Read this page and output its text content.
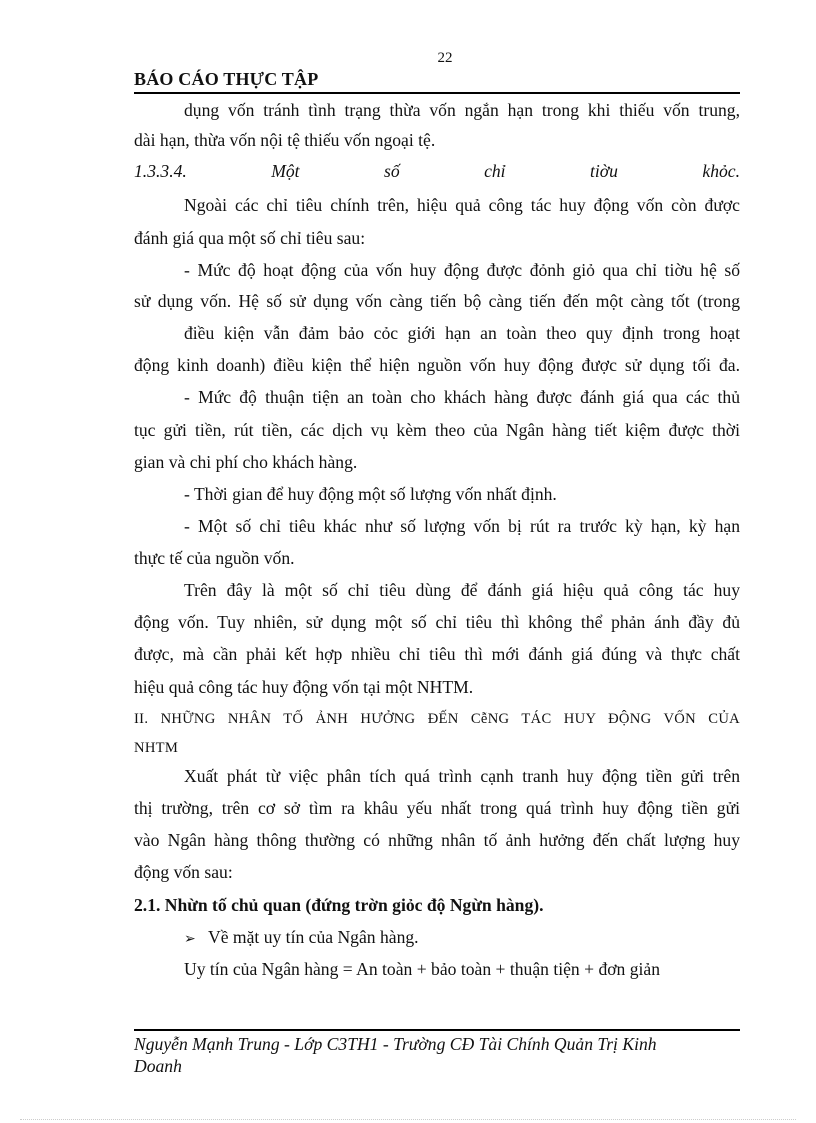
22
BÁO CÁO THỰC TẬP
dụng vốn tránh tình trạng thừa vốn ngắn hạn trong khi thiếu vốn trung,
dài hạn, thừa vốn nội tệ thiếu vốn ngoại tệ.
1.3.3.4. Một số chỉ tiờu khỏc.
Ngoài các chỉ tiêu chính trên, hiệu quả công tác huy động vốn còn được
đánh giá qua một số chỉ tiêu sau:
- Mức độ hoạt động của vốn huy động được đỏnh giỏ qua chỉ tiờu hệ số
sử dụng vốn. Hệ số sử dụng vốn càng tiến bộ càng tiến đến một càng tốt (trong
điều kiện vẫn đảm bảo cỏc giới hạn an toàn theo quy định trong hoạt
động kinh doanh) điều kiện thể hiện nguồn vốn huy động được sử dụng tối đa.
- Mức độ thuận tiện an toàn cho khách hàng được đánh giá qua các thủ
tục gửi tiền, rút tiền, các dịch vụ kèm theo của Ngân hàng tiết kiệm được thời
gian và chi phí cho khách hàng.
- Thời gian để huy động một số lượng vốn nhất định.
- Một số chỉ tiêu khác như số lượng vốn bị rút ra trước kỳ hạn, kỳ hạn
thực tế của nguồn vốn.
Trên đây là một số chỉ tiêu dùng để đánh giá hiệu quả công tác huy
động vốn. Tuy nhiên, sử dụng một số chỉ tiêu thì không thể phản ánh đầy đủ
được, mà cần phải kết hợp nhiều chỉ tiêu thì mới đánh giá đúng và thực chất
hiệu quả công tác huy động vốn tại một NHTM.
II. NHỮNG NHÂN TỐ ẢNH HƯỞNG ĐẾN CễNG TÁC HUY ĐỘNG VỐN CỦA
NHTM
Xuất phát từ việc phân tích quá trình cạnh tranh huy động tiền gửi trên
thị trường, trên cơ sở tìm ra khâu yếu nhất trong quá trình huy động tiền gửi
vào Ngân hàng thông thường có những nhân tố ảnh hưởng đến chất lượng huy
động vốn sau:
2.1. Nhừn tố chủ quan (đứng trờn giỏc độ Ngừn hàng).
➢ Về mặt uy tín của Ngân hàng.
Uy tín của Ngân hàng = An toàn + bảo toàn + thuận tiện + đơn giản
Nguyễn Mạnh Trung - Lớp C3TH1 - Trường CĐ Tài Chính Quản Trị Kinh
Doanh
